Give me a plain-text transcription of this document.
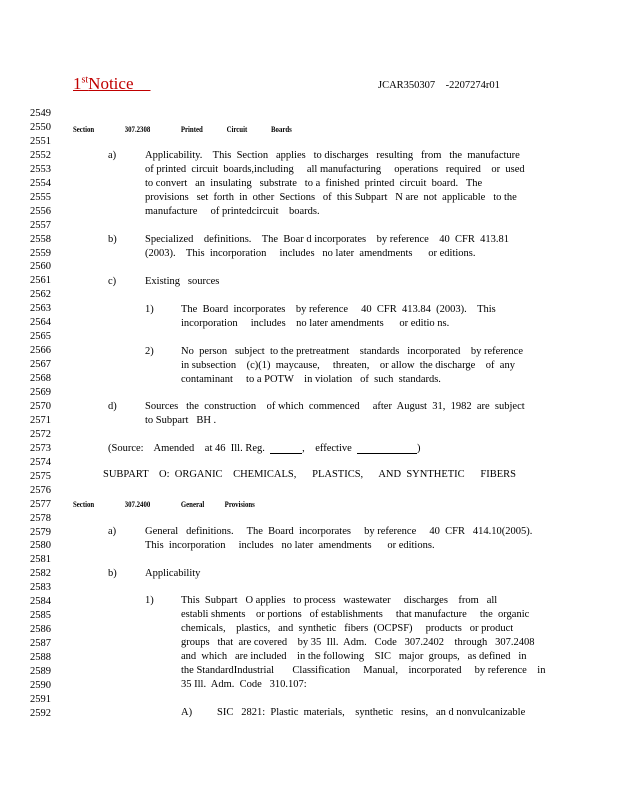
1stNotice	JCAR350307    -2207274r01
2549
2550
2551
2552
2553
2554
2555
2556
2557
2558
2559
2560
2561
2562
2563
2564
2565
2566
2567
2568
2569
2570
2571
2572
2573
2574
2575
2576
2577
2578
2579
2580
2581
2582
2583
2584
2585
2586
2587
2588
2589
2590
2591
2592
Section	307.2308	Printed	Circuit	Boards
a)	Applicability.    This  Section   applies   to discharges   resulting   from   the  manufacture
of printed  circuit  boards,including     all manufacturing     operations   required    or  used
to convert   an  insulating   substrate   to a  finished  printed  circuit  board.   The
provisions   set  forth  in  other  Sections   of  this Subpart   N are  not  applicable   to the
manufacture     of printedcircuit    boards.
b)	Specialized    definitions.    The  Boar d incorporates    by reference    40  CFR  413.81
(2003).    This  incorporation     includes   no later  amendments      or editions.
c)	Existing   sources
1)	The  Board  incorporates    by reference     40  CFR  413.84  (2003).    This
incorporation     includes    no later amendments      or editio ns.
2)	No  person   subject  to the pretreatment    standards   incorporated    by reference
in subsection    (c)(1)  maycause,     threaten,    or allow  the discharge    of  any
contaminant     to a POTW    in violation   of  such  standards.
d)	Sources   the  construction    of which  commenced     after  August  31,  1982  are  subject
to Subpart   BH .
(Source:    Amended    at 46  Ill. Reg.	,    effective	)
SUBPART    O:  ORGANIC    CHEMICALS,      PLASTICS,      AND  SYNTHETIC      FIBERS
Section	307.2400	General	Provisions
a)	General   definitions.     The  Board  incorporates     by reference     40  CFR   414.10(2005).
This  incorporation     includes   no later  amendments      or editions.
b)	Applicability
1)	This  Subpart   O applies   to process   wastewater     discharges    from   all
establi shments    or portions   of establishments     that manufacture     the  organic
chemicals,    plastics,   and  synthetic   fibers  (OCPSF)     products   or product
groups   that  are covered    by 35  Ill.  Adm.   Code   307.2402    through   307.2408
and  which   are included    in the following    SIC   major  groups,   as defined   in
the StandardIndustrial       Classification     Manual,    incorporated     by reference    in
35 Ill.  Adm.  Code   310.107:
A) SIC   2821:  Plastic  materials,    synthetic   resins,   an d nonvulcanizable
